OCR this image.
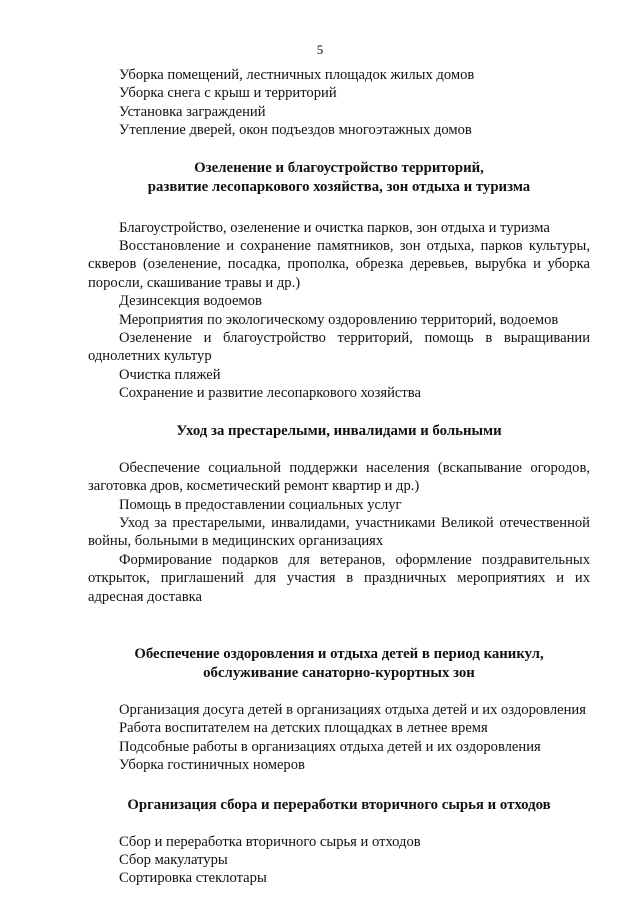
5

Уборка помещений, лестничных площадок жилых домов

Уборка снега с крыш и территорий

Установка заграждений

Утепление дверей, окон подъездов многоэтажных домов

Озеленение и благоустройство территорий,

развитие лесопаркового хозяйства, зон отдыха и туризма

Благоустройство, озеленение и очистка парков, зон отдыха и туризма

Восстановление и сохранение памятников, зон отдыха, парков культуры, скверов (озеленение, посадка, прополка, обрезка деревьев, вырубка и уборка поросли, скашивание травы и др.)

Дезинсекция водоемов

Мероприятия по экологическому оздоровлению территорий, водоемов

Озеленение и благоустройство территорий, помощь в выращивании однолетних культур

Очистка пляжей

Сохранение и развитие лесопаркового хозяйства

Уход за престарелыми, инвалидами и больными

Обеспечение социальной поддержки населения (вскапывание огородов, заготовка дров, косметический ремонт квартир и др.)

Помощь в предоставлении социальных услуг

Уход за престарелыми, инвалидами, участниками Великой отечественной войны, больными в медицинских организациях

Формирование подарков для ветеранов, оформление поздравительных открыток, приглашений для участия в праздничных мероприятиях и их адресная доставка

Обеспечение оздоровления и отдыха детей в период каникул,

обслуживание санаторно-курортных зон

Организация досуга детей в организациях отдыха детей и их оздоровления

Работа воспитателем на детских площадках в летнее время

Подсобные работы в организациях отдыха детей и их оздоровления

Уборка гостиничных номеров

Организация сбора и переработки вторичного сырья и отходов

Сбор и переработка вторичного сырья и отходов

Сбор макулатуры

Сортировка стеклотары
